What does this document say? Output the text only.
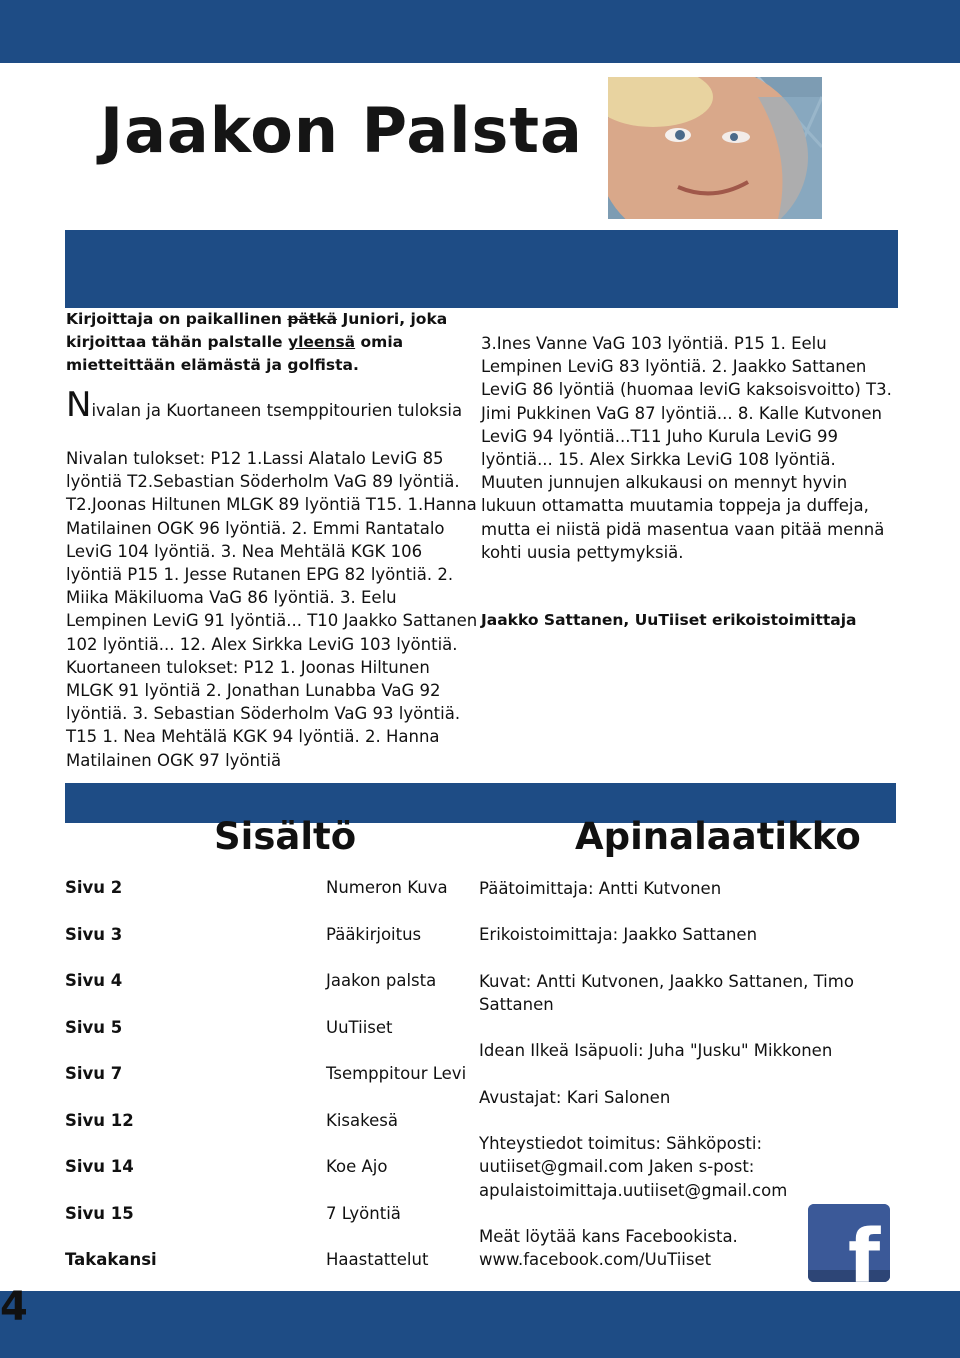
Jaakon Palsta
Kirjoittaja on paikallinen pätkä Juniori, joka kirjoittaa tähän palstalle yleensä omia mietteittään elämästä ja golfista.
Nivalan ja Kuortaneen tsemppitourien tuloksia
Nivalan tulokset: P12 1.Lassi Alatalo LeviG 85 lyöntiä T2.Sebastian Söderholm VaG 89 lyöntiä. T2.Joonas Hiltunen MLGK 89 lyöntiä T15. 1.Hanna Matilainen OGK 96 lyöntiä. 2. Emmi Rantatalo LeviG 104 lyöntiä. 3. Nea Mehtälä KGK 106 lyöntiä P15 1. Jesse Rutanen EPG 82 lyöntiä. 2. Miika Mäkiluoma VaG 86 lyöntiä. 3. Eelu Lempinen LeviG 91 lyöntiä... T10 Jaakko Sattanen 102 lyöntiä... 12. Alex Sirkka LeviG 103 lyöntiä. Kuortaneen tulokset: P12 1. Joonas Hiltunen MLGK 91 lyöntiä 2. Jonathan Lunabba VaG 92 lyöntiä. 3. Sebastian Söderholm VaG 93 lyöntiä. T15 1. Nea Mehtälä KGK 94 lyöntiä. 2. Hanna Matilainen OGK 97 lyöntiä
3.Ines Vanne VaG 103 lyöntiä. P15 1. Eelu Lempinen LeviG 83 lyöntiä. 2. Jaakko Sattanen LeviG 86 lyöntiä (huomaa leviG kaksoisvoitto) T3. Jimi Pukkinen VaG 87 lyöntiä... 8. Kalle Kutvonen LeviG 94 lyöntiä...T11 Juho Kurula LeviG 99 lyöntiä... 15. Alex Sirkka LeviG 108 lyöntiä. Muuten junnujen alkukausi on mennyt hyvin lukuun ottamatta muutamia toppeja ja duffeja, mutta ei niistä pidä masentua vaan pitää mennä kohti uusia pettymyksiä.
Jaakko Sattanen, UuTiiset erikoistoimittaja
Sisältö	Apinalaatikko
Sivu 2	Numeron Kuva
Sivu 3	Pääkirjoitus
Sivu 4	Jaakon palsta
Sivu 5	UuTiiset
Sivu 7	Tsemppitour Levi
Sivu 12	Kisakesä
Sivu 14	Koe Ajo
Sivu 15	7 Lyöntiä
Takakansi	Haastattelut

Päätoimittaja: Antti Kutvonen

Erikoistoimittaja: Jaakko Sattanen

Kuvat: Antti Kutvonen, Jaakko Sattanen, Timo Sattanen

Idean Ilkeä Isäpuoli: Juha "Jusku" Mikkonen

Avustajat: Kari Salonen

Yhteystiedot toimitus: Sähköposti: uutiiset@gmail.com Jaken s-post: apulaistoimittaja.uutiiset@gmail.com

Meät löytää kans Facebookista. www.facebook.com/UuTiiset	f
4
